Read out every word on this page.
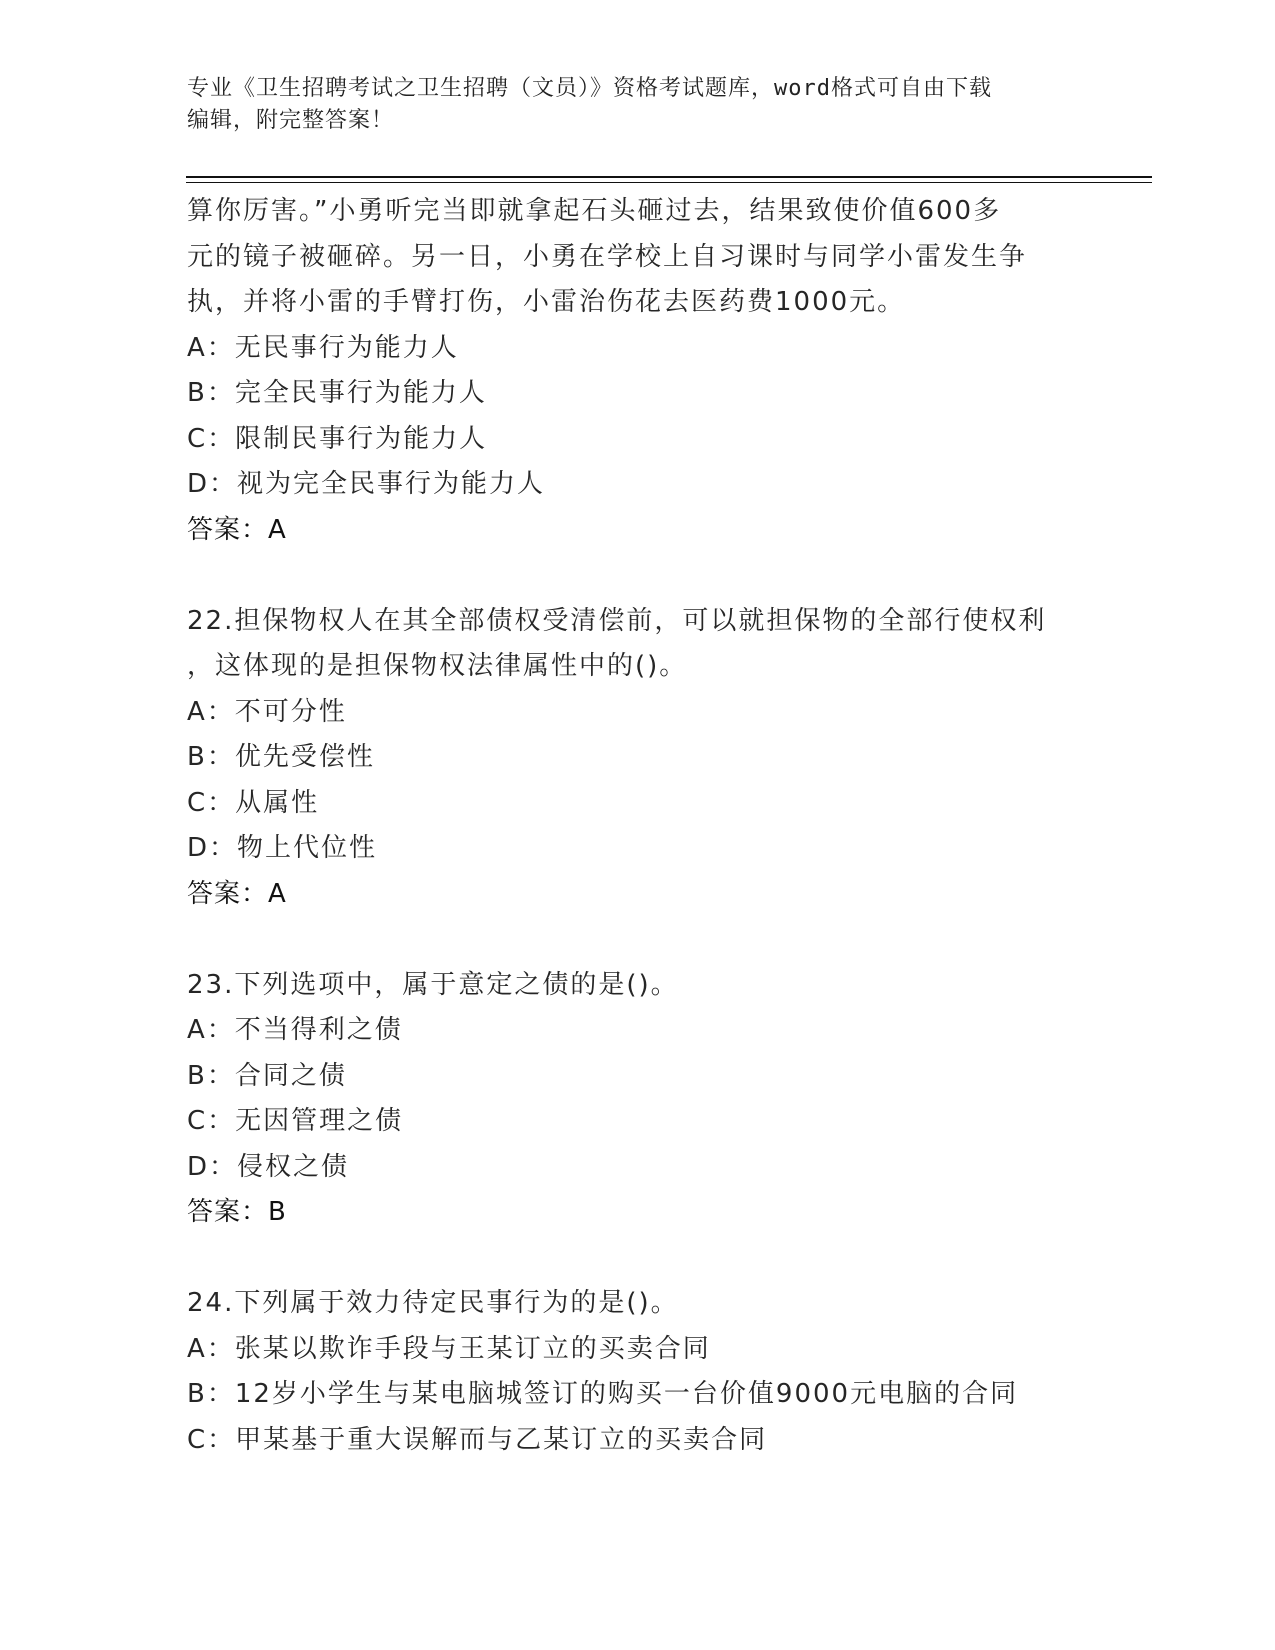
专业《卫生招聘考试之卫生招聘（文员）》资格考试题库，word格式可自由下载
编辑，附完整答案！
算你厉害。”小勇听完当即就拿起石头砸过去，结果致使价值600多
元的镜子被砸碎。另一日，小勇在学校上自习课时与同学小雷发生争
执，并将小雷的手臂打伤，小雷治伤花去医药费1000元。
A：无民事行为能力人
B：完全民事行为能力人
C：限制民事行为能力人
D：视为完全民事行为能力人
答案：A
22.担保物权人在其全部债权受清偿前，可以就担保物的全部行使权利
，这体现的是担保物权法律属性中的()。
A：不可分性
B：优先受偿性
C：从属性
D：物上代位性
答案：A
23.下列选项中，属于意定之债的是()。
A：不当得利之债
B：合同之债
C：无因管理之债
D：侵权之债
答案：B
24.下列属于效力待定民事行为的是()。
A：张某以欺诈手段与王某订立的买卖合同
B：12岁小学生与某电脑城签订的购买一台价值9000元电脑的合同
C：甲某基于重大误解而与乙某订立的买卖合同
